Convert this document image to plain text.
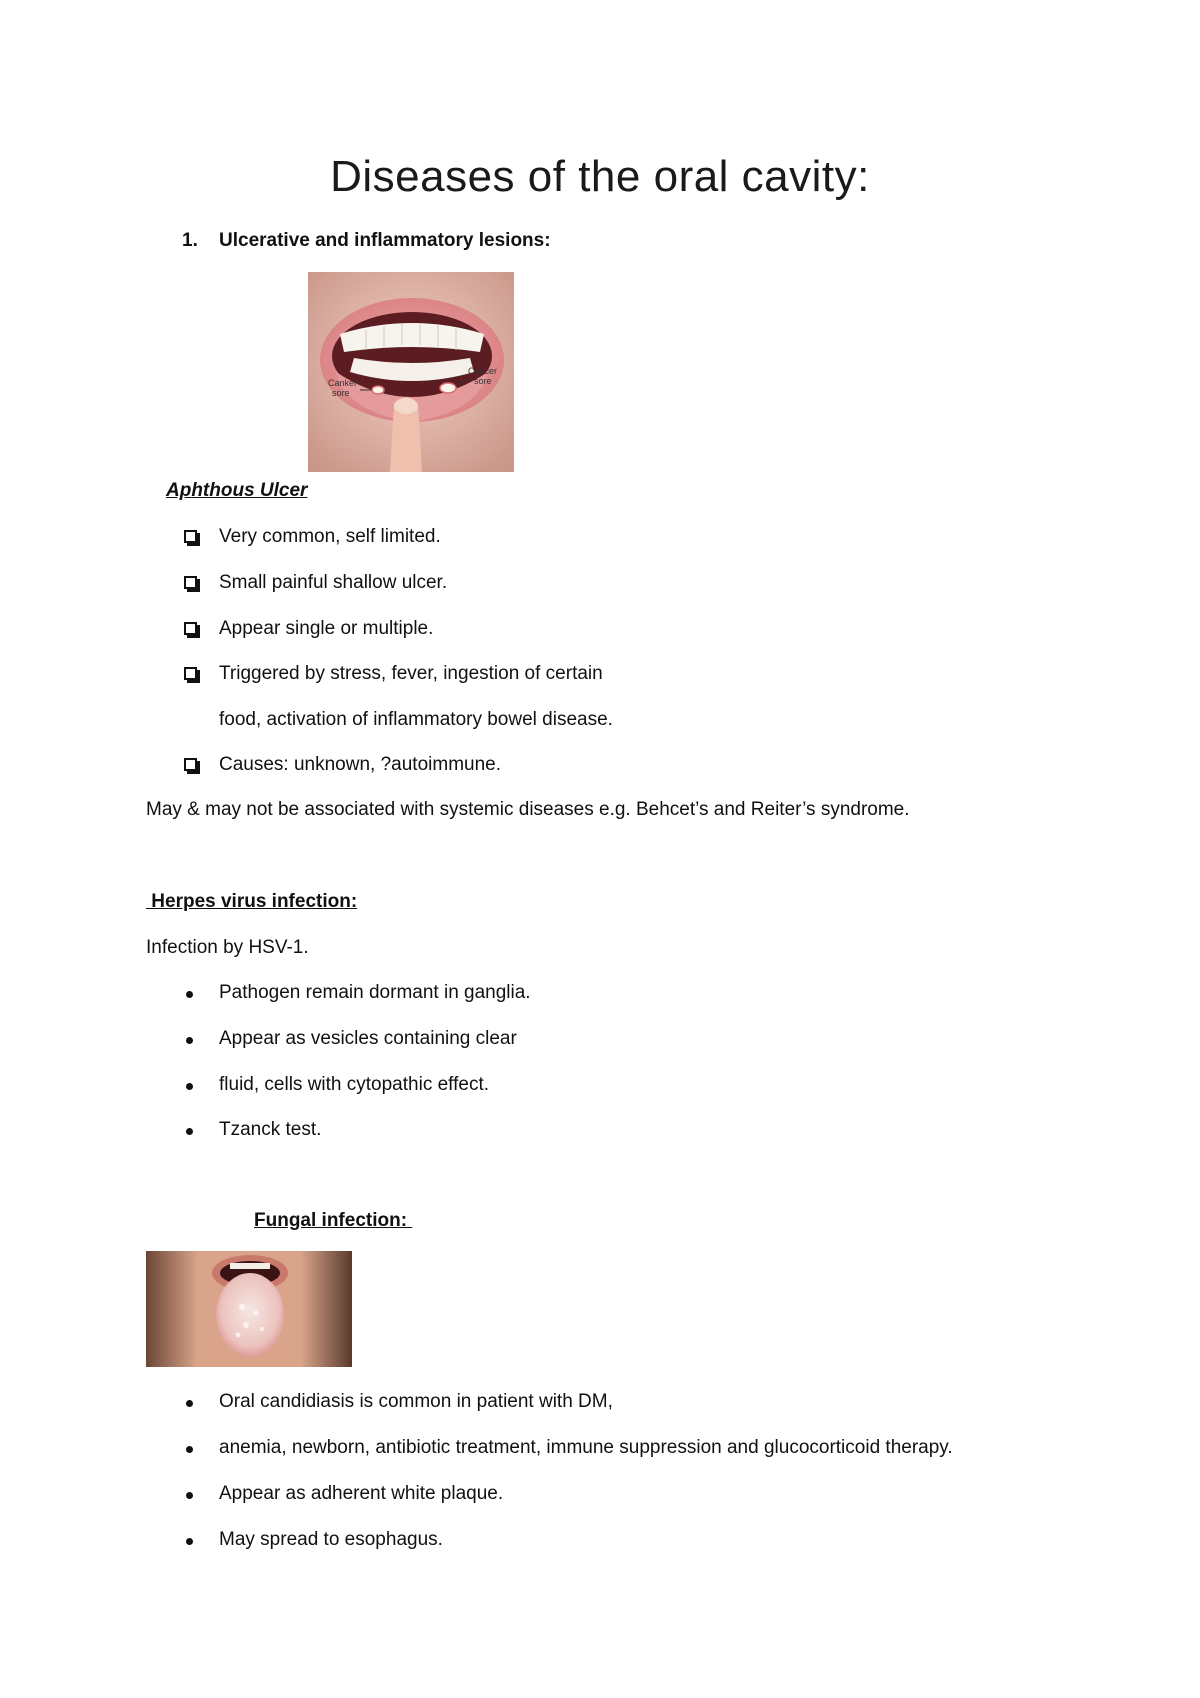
Diseases of the oral cavity:
1. Ulcerative and inflammatory lesions:
Canker
sore
Cancer
sore
Aphthous Ulcer
Very common, self limited.
Small painful shallow ulcer.
Appear single or multiple.
Triggered by stress, fever, ingestion of certain
food, activation of inflammatory bowel disease.
Causes: unknown, ?autoimmune.
May & may not be associated with systemic diseases e.g. Behcet’s and Reiter’s syndrome.
Herpes virus infection:
Infection by HSV-1.
Pathogen remain dormant in ganglia.
Appear as vesicles containing clear
fluid, cells with cytopathic effect.
Tzanck test.
Fungal infection:
Oral candidiasis is common in patient with DM,
anemia, newborn, antibiotic treatment, immune suppression and glucocorticoid therapy.
Appear as adherent white plaque.
May spread to esophagus.
